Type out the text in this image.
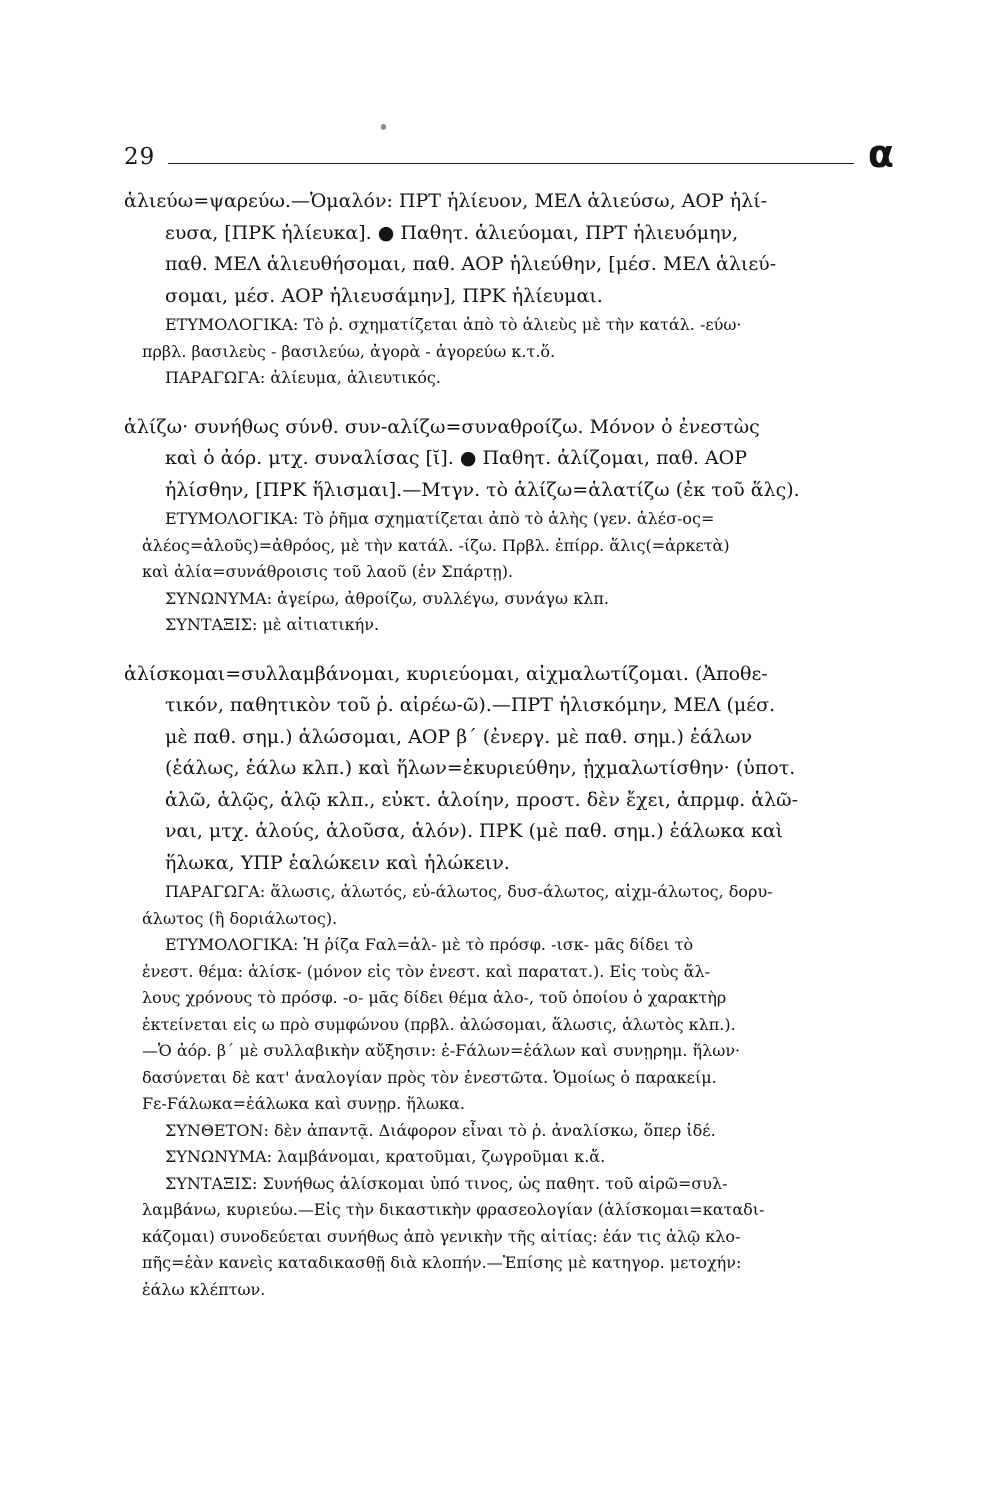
29	α
ἁλιεύω=ψαρεύω.—Ὁμαλόν: ΠΡΤ ἡλίευον, ΜΕΛ ἁλιεύσω, ΑΟΡ ἡλί-
ευσα, [ΠΡΚ ἡλίευκα]. ● Παθητ. ἁλιεύομαι, ΠΡΤ ἡλιευόμην,
παθ. ΜΕΛ ἁλιευθήσομαι, παθ. ΑΟΡ ἡλιεύθην, [μέσ. ΜΕΛ ἁλιεύ-
σομαι, μέσ. ΑΟΡ ἡλιευσάμην], ΠΡΚ ἡλίευμαι.
ΕΤΥΜΟΛΟΓΙΚΑ: Τὸ ῥ. σχηματίζεται ἀπὸ τὸ ἁλιεὺς μὲ τὴν κατάλ. -εύω·
πρβλ. βασιλεὺς - βασιλεύω, ἀγορὰ - ἀγορεύω κ.τ.ὅ.
ΠΑΡΑΓΩΓΑ: ἁλίευμα, ἁλιευτικός.
ἁλίζω· συνήθως σύνθ. συν-αλίζω=συναθροίζω. Μόνον ὁ ἐνεστὼς
καὶ ὁ ἀόρ. μτχ. συναλίσας [ῐ]. ● Παθητ. ἁλίζομαι, παθ. ΑΟΡ
ἡλίσθην, [ΠΡΚ ἥλισμαι].—Μτγν. τὸ ἁλίζω=ἁλατίζω (ἐκ τοῦ ἅλς).
ΕΤΥΜΟΛΟΓΙΚΑ: Τὸ ῥῆμα σχηματίζεται ἀπὸ τὸ ἁλὴς (γεν. ἁλέσ-ος=
ἁλέος=ἁλοῦς)=ἀθρόος, μὲ τὴν κατάλ. -ίζω. Πρβλ. ἐπίρρ. ἅλις(=ἀρκετὰ)
καὶ ἁλία=συνάθροισις τοῦ λαοῦ (ἐν Σπάρτῃ).
ΣΥΝΩΝΥΜΑ: ἀγείρω, ἀθροίζω, συλλέγω, συνάγω κλπ.
ΣΥΝΤΑΞΙΣ: μὲ αἰτιατικήν.
ἁλίσκομαι=συλλαμβάνομαι, κυριεύομαι, αἰχμαλωτίζομαι. (Ἀποθε-
τικόν, παθητικὸν τοῦ ῥ. αἱρέω-ῶ).—ΠΡΤ ἡλισκόμην, ΜΕΛ (μέσ.
μὲ παθ. σημ.) ἁλώσομαι, ΑΟΡ β´ (ἐνεργ. μὲ παθ. σημ.) ἑάλων
(ἑάλως, ἑάλω κλπ.) καὶ ἥλων=ἐκυριεύθην, ᾐχμαλωτίσθην· (ὑποτ.
ἁλῶ, ἁλῷς, ἁλῷ κλπ., εὐκτ. ἁλοίην, προστ. δὲν ἔχει, ἀπρμφ. ἁλῶ-
ναι, μτχ. ἁλούς, ἁλοῦσα, ἁλόν). ΠΡΚ (μὲ παθ. σημ.) ἑάλωκα καὶ
ἥλωκα, ΥΠΡ ἑαλώκειν καὶ ἡλώκειν.
ΠΑΡΑΓΩΓΑ: ἅλωσις, ἁλωτός, εὐ-άλωτος, δυσ-άλωτος, αἰχμ-άλωτος, δορυ-
άλωτος (ἢ δοριάλωτος).
ΕΤΥΜΟΛΟΓΙΚΑ: Ἡ ῥίζα Ϝαλ=ἁλ- μὲ τὸ πρόσφ. -ισκ- μᾶς δίδει τὸ
ἐνεστ. θέμα: ἁλίσκ- (μόνον εἰς τὸν ἐνεστ. καὶ παρατατ.). Εἰς τοὺς ἄλ-
λους χρόνους τὸ πρόσφ. -ο- μᾶς δίδει θέμα ἁλο-, τοῦ ὁποίου ὁ χαρακτὴρ
ἐκτείνεται εἰς ω πρὸ συμφώνου (πρβλ. ἁλώσομαι, ἅλωσις, ἁλωτὸς κλπ.).
—Ὁ ἀόρ. β´ μὲ συλλαβικὴν αὔξησιν: ἐ-Ϝάλων=ἑάλων καὶ συνῃρημ. ἥλων·
δασύνεται δὲ κατ' ἀναλογίαν πρὸς τὸν ἐνεστῶτα. Ὁμοίως ὁ παρακείμ.
Ϝε-Ϝάλωκα=ἑάλωκα καὶ συνῃρ. ἥλωκα.
ΣΥΝΘΕΤΟΝ: δὲν ἀπαντᾷ. Διάφορον εἶναι τὸ ῥ. ἀναλίσκω, ὅπερ ἰδέ.
ΣΥΝΩΝΥΜΑ: λαμβάνομαι, κρατοῦμαι, ζωγροῦμαι κ.ἄ.
ΣΥΝΤΑΞΙΣ: Συνήθως ἁλίσκομαι ὑπό τινος, ὡς παθητ. τοῦ αἱρῶ=συλ-
λαμβάνω, κυριεύω.—Εἰς τὴν δικαστικὴν φρασεολογίαν (ἁλίσκομαι=καταδι-
κάζομαι) συνοδεύεται συνήθως ἀπὸ γενικὴν τῆς αἰτίας: ἐάν τις ἁλῷ κλο-
πῆς=ἐὰν κανεὶς καταδικασθῇ διὰ κλοπήν.—Ἐπίσης μὲ κατηγορ. μετοχήν:
ἑάλω κλέπτων.
